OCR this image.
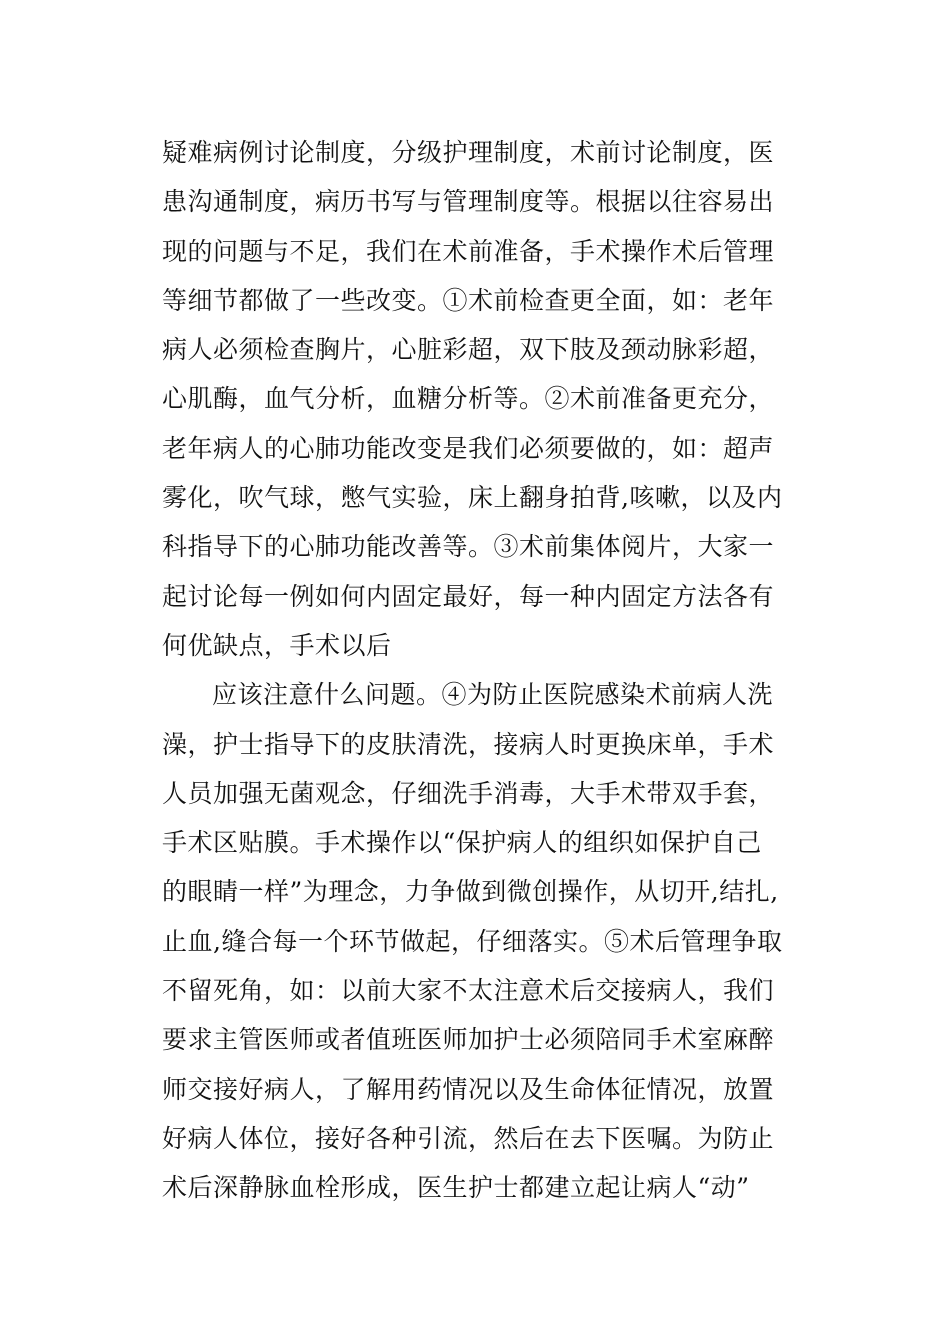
疑难病例讨论制度，分级护理制度，术前讨论制度，医
患沟通制度，病历书写与管理制度等。根据以往容易出
现的问题与不足，我们在术前准备，手术操作术后管理
等细节都做了一些改变。①术前检查更全面，如：老年
病人必须检查胸片，心脏彩超，双下肢及颈动脉彩超，
心肌酶，血气分析，血糖分析等。②术前准备更充分，
老年病人的心肺功能改变是我们必须要做的，如：超声
雾化，吹气球，憋气实验，床上翻身拍背,咳嗽，以及内
科指导下的心肺功能改善等。③术前集体阅片，大家一
起讨论每一例如何内固定最好，每一种内固定方法各有
何优缺点，手术以后
应该注意什么问题。④为防止医院感染术前病人洗
澡，护士指导下的皮肤清洗，接病人时更换床单，手术
人员加强无菌观念，仔细洗手消毒，大手术带双手套，
手术区贴膜。手术操作以“保护病人的组织如保护自己
的眼睛一样”为理念，力争做到微创操作，从切开,结扎,
止血,缝合每一个环节做起，仔细落实。⑤术后管理争取
不留死角，如：以前大家不太注意术后交接病人，我们
要求主管医师或者值班医师加护士必须陪同手术室麻醉
师交接好病人，了解用药情况以及生命体征情况，放置
好病人体位，接好各种引流，然后在去下医嘱。为防止
术后深静脉血栓形成，医生护士都建立起让病人“动”
